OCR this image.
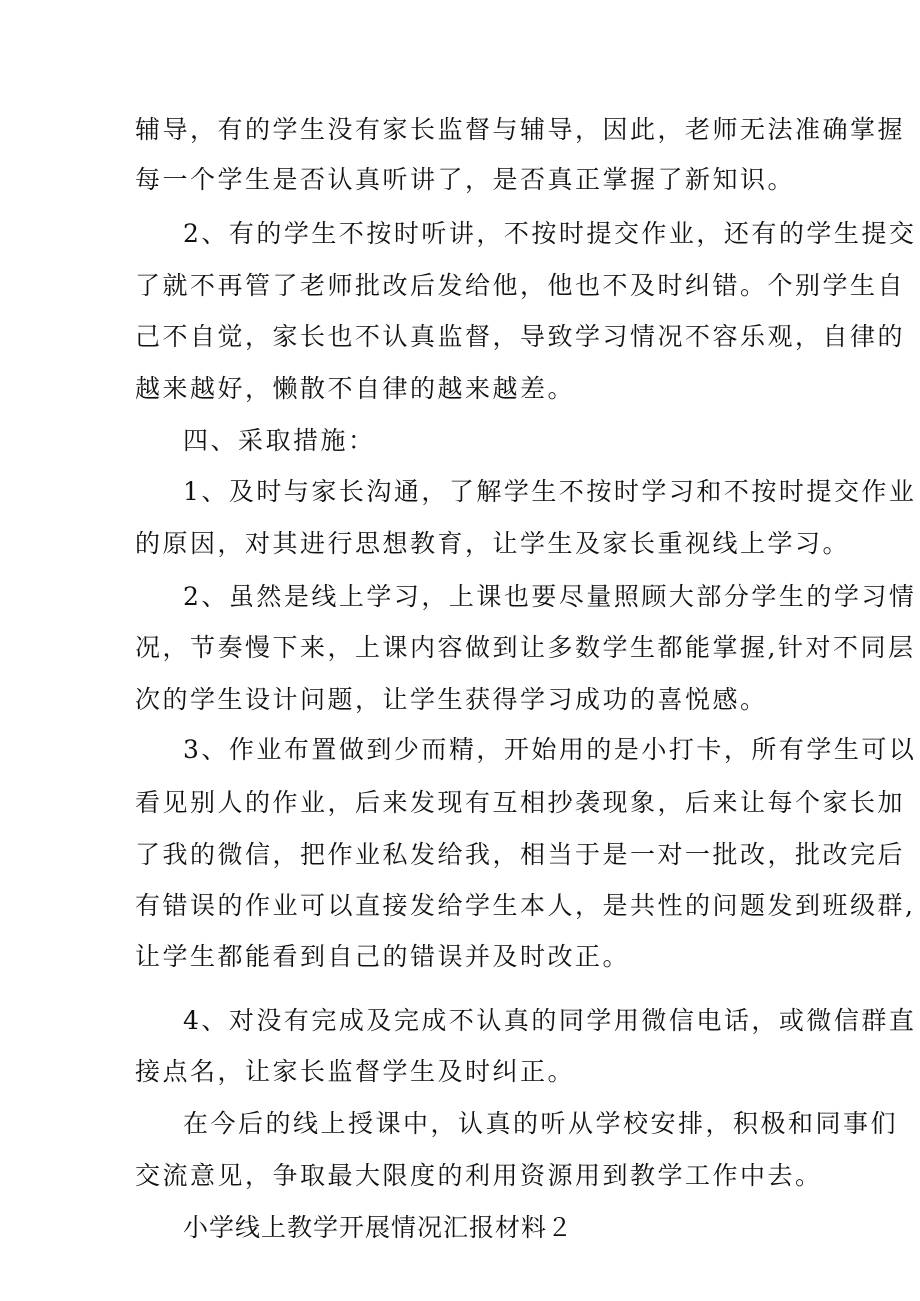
辅导，有的学生没有家长监督与辅导，因此，老师无法准确掌握
每一个学生是否认真听讲了，是否真正掌握了新知识。
2、有的学生不按时听讲，不按时提交作业，还有的学生提交
了就不再管了老师批改后发给他，他也不及时纠错。个别学生自
己不自觉，家长也不认真监督，导致学习情况不容乐观，自律的
越来越好，懒散不自律的越来越差。
四、采取措施：
1、及时与家长沟通，了解学生不按时学习和不按时提交作业
的原因，对其进行思想教育，让学生及家长重视线上学习。
2、虽然是线上学习，上课也要尽量照顾大部分学生的学习情
况，节奏慢下来，上课内容做到让多数学生都能掌握,针对不同层
次的学生设计问题，让学生获得学习成功的喜悦感。
3、作业布置做到少而精，开始用的是小打卡，所有学生可以
看见别人的作业，后来发现有互相抄袭现象，后来让每个家长加
了我的微信，把作业私发给我，相当于是一对一批改，批改完后
有错误的作业可以直接发给学生本人，是共性的问题发到班级群,
让学生都能看到自己的错误并及时改正。
4、对没有完成及完成不认真的同学用微信电话，或微信群直
接点名，让家长监督学生及时纠正。
在今后的线上授课中，认真的听从学校安排，积极和同事们
交流意见，争取最大限度的利用资源用到教学工作中去。
小学线上教学开展情况汇报材料２
